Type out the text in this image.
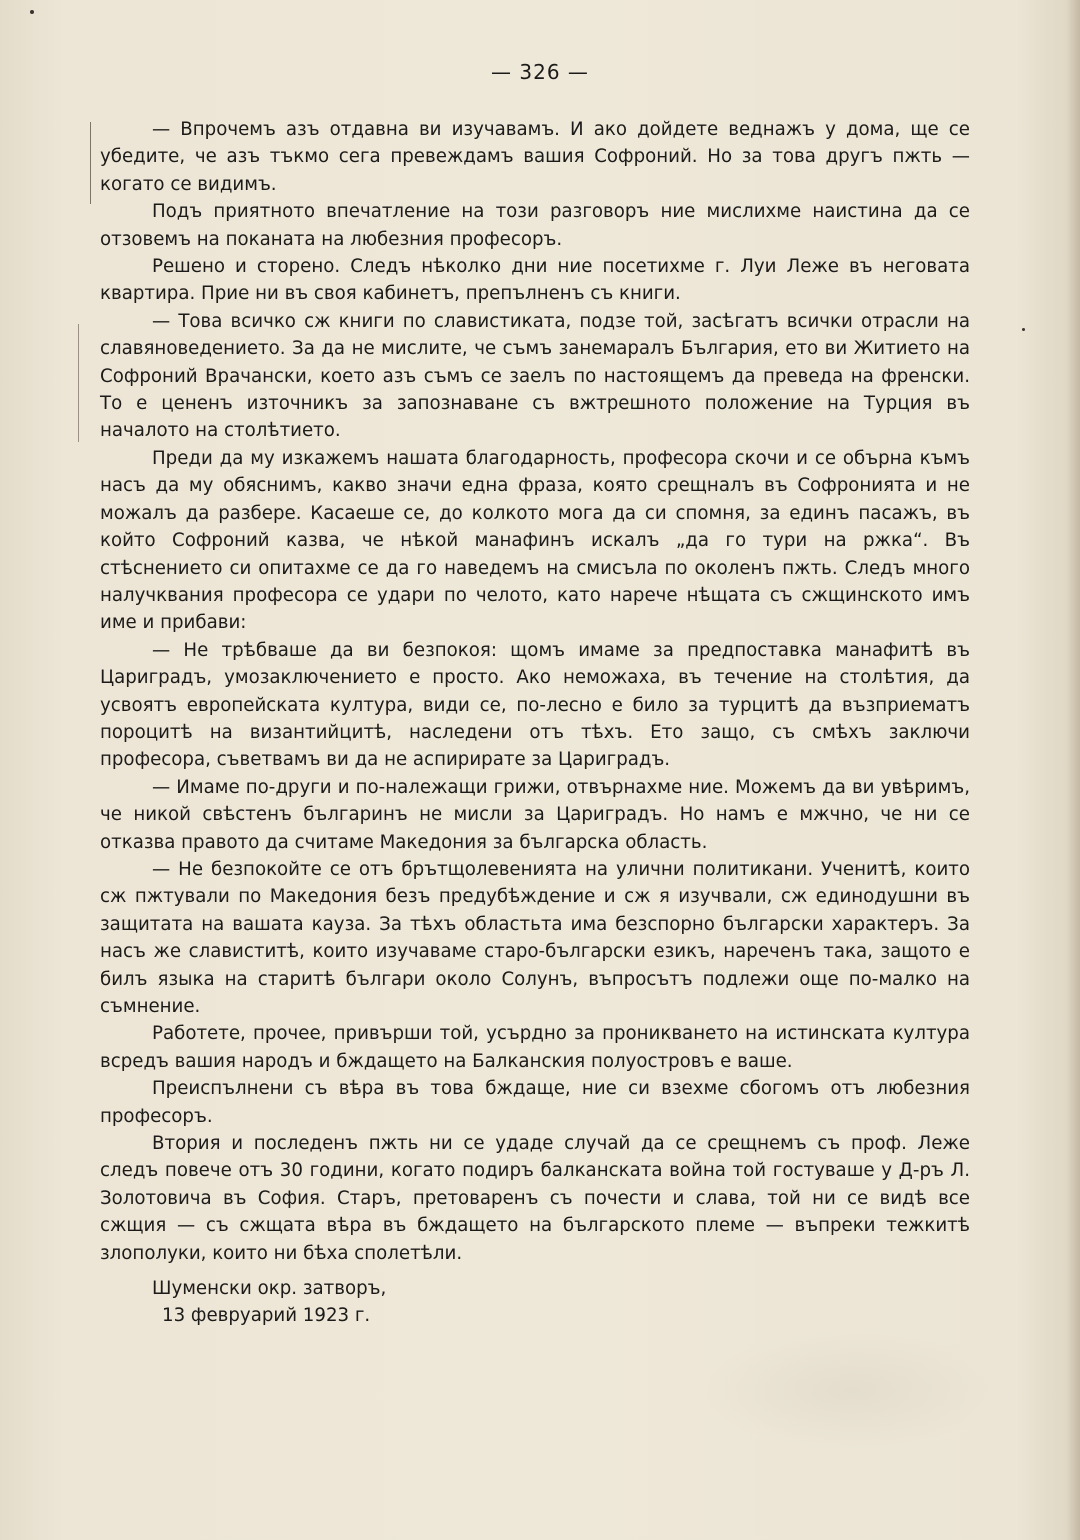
— 326 —

— Впрочемъ азъ отдавна ви изучавамъ. И ако дойдете веднажъ у дома, ще се убедите, че азъ тъкмо сега превеждамъ вашия Софроний. Но за това другъ пжть — когато се видимъ.

Подъ приятното впечатление на този разговоръ ние мислихме наистина да се отзовемъ на поканата на любезния професоръ.

Решено и сторено. Следъ нѣколко дни ние посетихме г. Луи Леже въ неговата квартира. Прие ни въ своя кабинетъ, препълненъ съ книги.

— Това всичко сж книги по славистиката, подзе той, засѣгатъ всички отрасли на славяноведението. За да не мислите, че съмъ занемаралъ България, ето ви Житието на Софроний Врачански, което азъ съмъ се заелъ по настоящемъ да преведа на френски. То е цененъ източникъ за запознаване съ вжтрешното положение на Турция въ началото на столѣтието.

Преди да му изкажемъ нашата благодарность, професора скочи и се обърна къмъ насъ да му обяснимъ, какво значи една фраза, която срещналъ въ Софронията и не можалъ да разбере. Касаеше се, до колкото мога да си спомня, за единъ пасажъ, въ който Софроний казва, че нѣкой манафинъ искалъ „да го тури на ржка“. Въ стѣснението си опитахме се да го наведемъ на смисъла по околенъ пжть. Следъ много налучквания професора се удари по челото, като нарече нѣщата съ сжщинското имъ име и прибави:

— Не трѣбваше да ви безпокоя: щомъ имаме за предпоставка манафитѣ въ Цариградъ, умозаключението е просто. Ако неможаха, въ течение на столѣтия, да усвоятъ европейската култура, види се, по-лесно е било за турцитѣ да възприематъ пороцитѣ на византийцитѣ, наследени отъ тѣхъ. Ето защо, съ смѣхъ заключи професора, съветвамъ ви да не аспирирате за Цариградъ.

— Имаме по-други и по-належащи грижи, отвърнахме ние. Можемъ да ви увѣримъ, че никой свѣстенъ българинъ не мисли за Цариградъ. Но намъ е мжчно, че ни се отказва правото да считаме Македония за българска область.

— Не безпокойте се отъ брътщолевенията на улични политикани. Ученитѣ, които сж пжтували по Македония безъ предубѣждение и сж я изучвали, сж единодушни въ защитата на вашата кауза. За тѣхъ областьта има безспорно български характеръ. За насъ же славиститѣ, които изучаваме старо-български езикъ, нареченъ така, защото е билъ языка на старитѣ българи около Солунъ, въпросътъ подлежи още по-малко на съмнение.

Работете, прочее, привърши той, усърдно за проникването на истинската култура всредъ вашия народъ и бждащето на Балканския полуостровъ е ваше.

Преиспълнени съ вѣра въ това бждаще, ние си взехме сбогомъ отъ любезния професоръ.

Втория и последенъ пжть ни се удаде случай да се срещнемъ съ проф. Леже следъ повече отъ 30 години, когато подиръ балканската война той гостуваше у Д-ръ Л. Золотовича въ София. Старъ, претоваренъ съ почести и слава, той ни се видѣ все сжщия — съ сжщата вѣра въ бждащето на българското племе — въпреки тежкитѣ злополуки, които ни бѣха сполетѣли.

Шуменски окр. затворъ,
13 февруарий 1923 г.
